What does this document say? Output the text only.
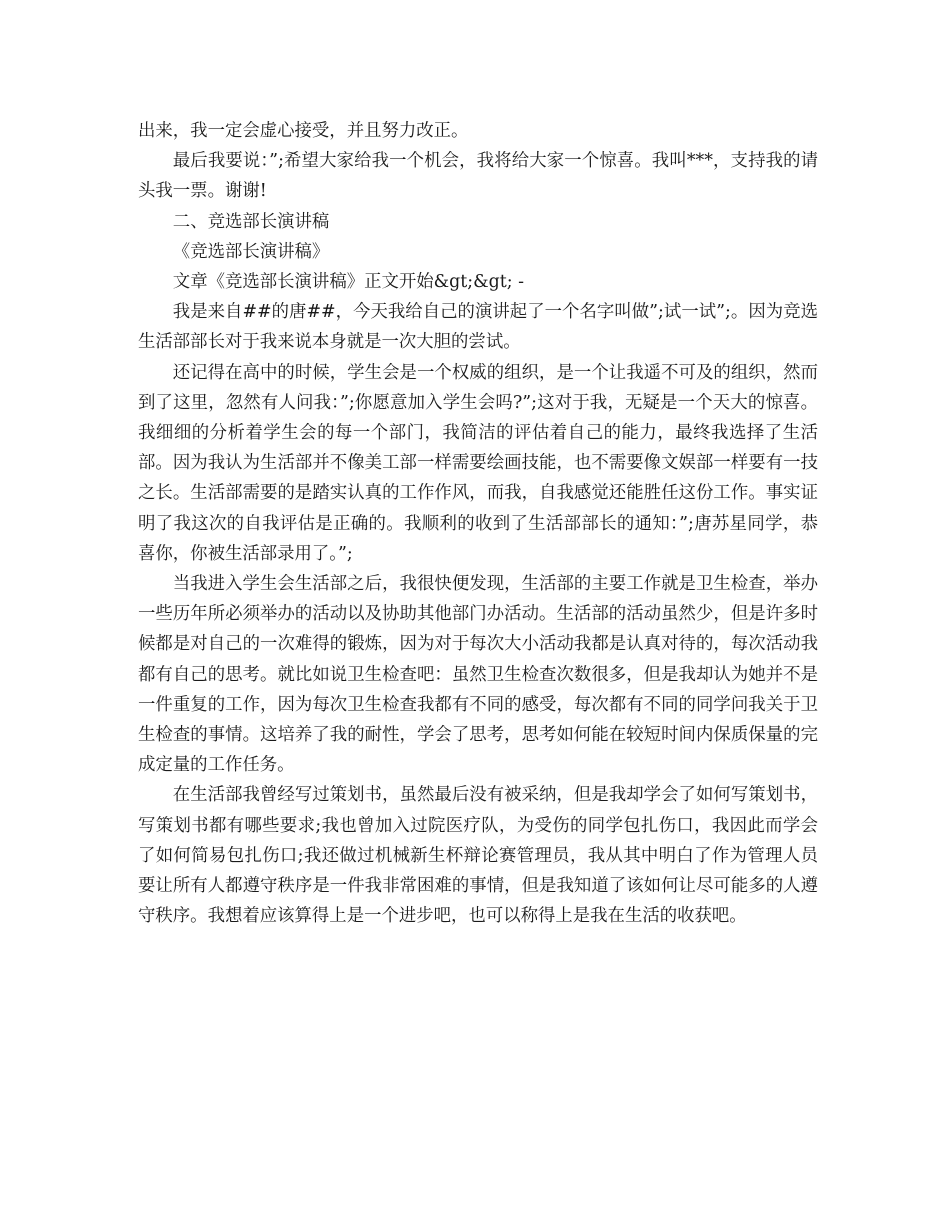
出来，我一定会虚心接受，并且努力改正。

最后我要说：”;希望大家给我一个机会，我将给大家一个惊喜。我叫***，支持我的请头我一票。谢谢!

二、竞选部长演讲稿

《竞选部长演讲稿》

文章《竞选部长演讲稿》正文开始&gt;&gt; -

我是来自##的唐##，今天我给自己的演讲起了一个名字叫做”;试一试”;。因为竞选生活部部长对于我来说本身就是一次大胆的尝试。

还记得在高中的时候，学生会是一个权威的组织，是一个让我遥不可及的组织，然而到了这里，忽然有人问我：”;你愿意加入学生会吗?”;这对于我，无疑是一个天大的惊喜。我细细的分析着学生会的每一个部门，我简洁的评估着自己的能力，最终我选择了生活部。因为我认为生活部并不像美工部一样需要绘画技能，也不需要像文娱部一样要有一技之长。生活部需要的是踏实认真的工作作风，而我，自我感觉还能胜任这份工作。事实证明了我这次的自我评估是正确的。我顺利的收到了生活部部长的通知：”;唐苏星同学，恭喜你，你被生活部录用了。”;

当我进入学生会生活部之后，我很快便发现，生活部的主要工作就是卫生检查，举办一些历年所必须举办的活动以及协助其他部门办活动。生活部的活动虽然少，但是许多时候都是对自己的一次难得的锻炼，因为对于每次大小活动我都是认真对待的，每次活动我都有自己的思考。就比如说卫生检查吧：虽然卫生检查次数很多，但是我却认为她并不是一件重复的工作，因为每次卫生检查我都有不同的感受，每次都有不同的同学问我关于卫生检查的事情。这培养了我的耐性，学会了思考，思考如何能在较短时间内保质保量的完成定量的工作任务。

在生活部我曾经写过策划书，虽然最后没有被采纳，但是我却学会了如何写策划书，写策划书都有哪些要求;我也曾加入过院医疗队，为受伤的同学包扎伤口，我因此而学会了如何简易包扎伤口;我还做过机械新生杯辩论赛管理员，我从其中明白了作为管理人员要让所有人都遵守秩序是一件我非常困难的事情，但是我知道了该如何让尽可能多的人遵守秩序。我想着应该算得上是一个进步吧，也可以称得上是我在生活的收获吧。
